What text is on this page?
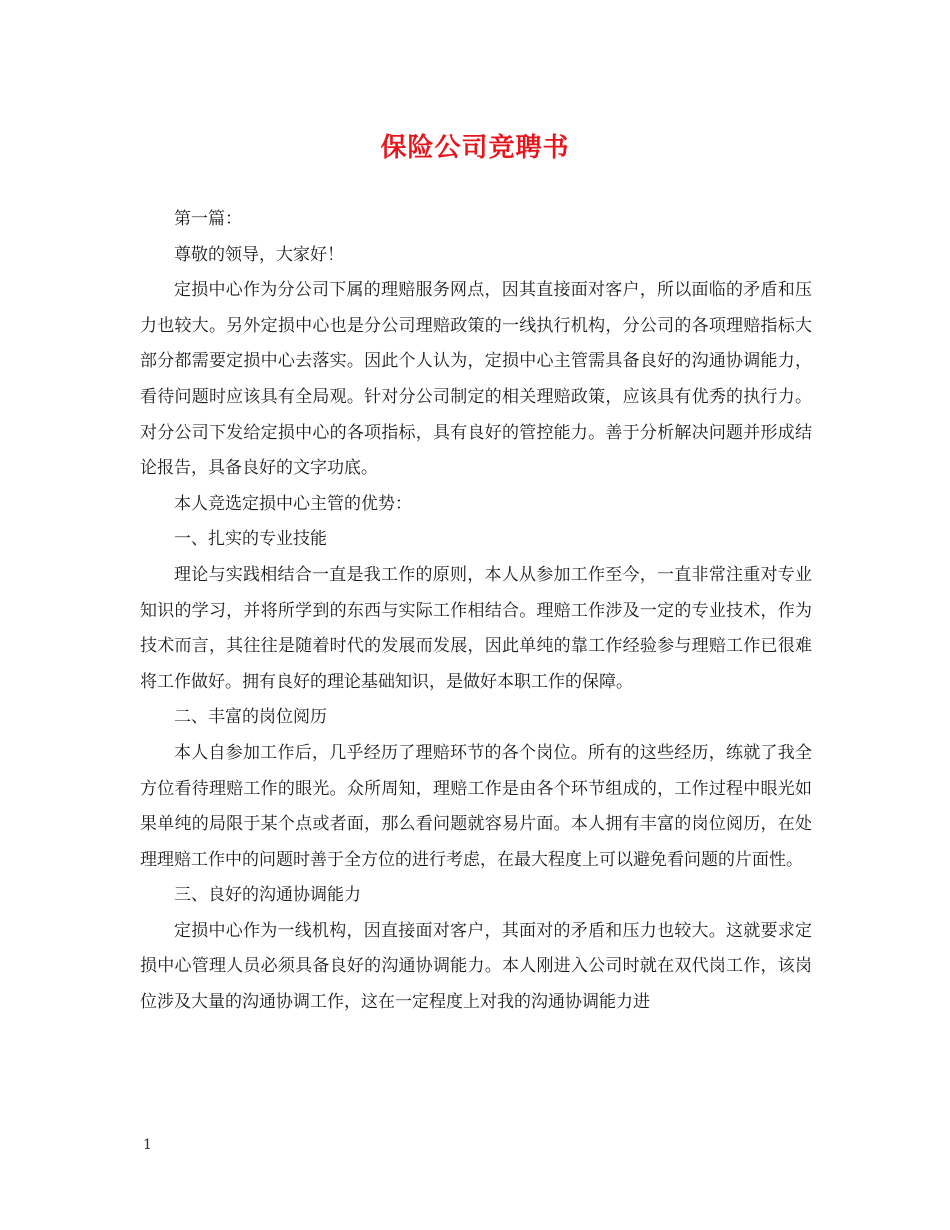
保险公司竞聘书

第一篇：

尊敬的领导，大家好！

定损中心作为分公司下属的理赔服务网点，因其直接面对客户，所以面临的矛盾和压力也较大。另外定损中心也是分公司理赔政策的一线执行机构，分公司的各项理赔指标大部分都需要定损中心去落实。因此个人认为，定损中心主管需具备良好的沟通协调能力，看待问题时应该具有全局观。针对分公司制定的相关理赔政策，应该具有优秀的执行力。对分公司下发给定损中心的各项指标，具有良好的管控能力。善于分析解决问题并形成结论报告，具备良好的文字功底。

本人竞选定损中心主管的优势：

一、扎实的专业技能

理论与实践相结合一直是我工作的原则，本人从参加工作至今，一直非常注重对专业知识的学习，并将所学到的东西与实际工作相结合。理赔工作涉及一定的专业技术，作为技术而言，其往往是随着时代的发展而发展，因此单纯的靠工作经验参与理赔工作已很难将工作做好。拥有良好的理论基础知识，是做好本职工作的保障。

二、丰富的岗位阅历

本人自参加工作后，几乎经历了理赔环节的各个岗位。所有的这些经历，练就了我全方位看待理赔工作的眼光。众所周知，理赔工作是由各个环节组成的，工作过程中眼光如果单纯的局限于某个点或者面，那么看问题就容易片面。本人拥有丰富的岗位阅历，在处理理赔工作中的问题时善于全方位的进行考虑，在最大程度上可以避免看问题的片面性。

三、良好的沟通协调能力

定损中心作为一线机构，因直接面对客户，其面对的矛盾和压力也较大。这就要求定损中心管理人员必须具备良好的沟通协调能力。本人刚进入公司时就在双代岗工作，该岗位涉及大量的沟通协调工作，这在一定程度上对我的沟通协调能力进

1
